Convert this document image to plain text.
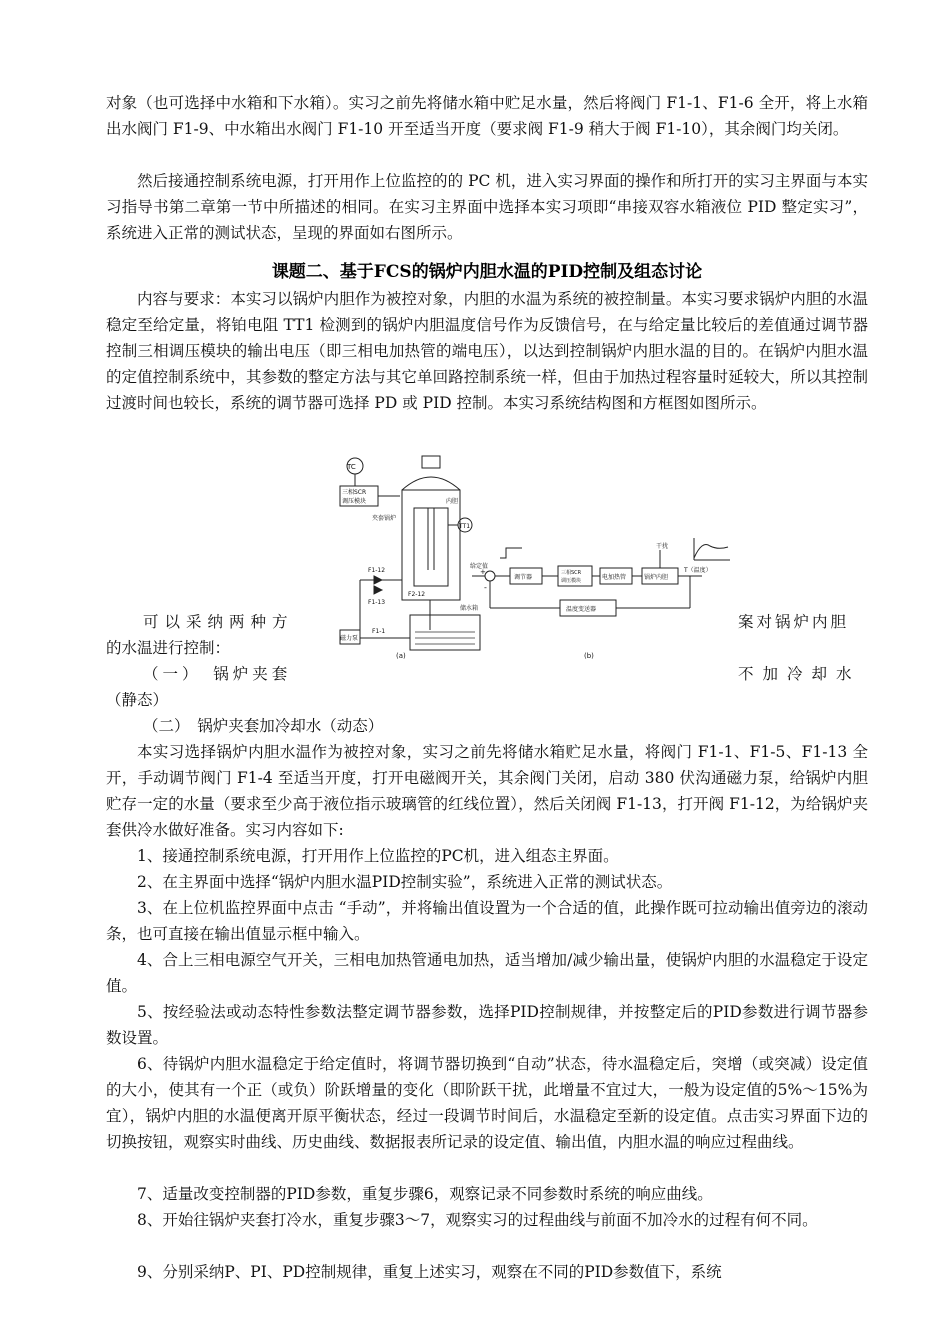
对象（也可选择中水箱和下水箱）。实习之前先将储水箱中贮足水量，然后将阀门 F1-1、F1-6 全开，将上水箱出水阀门 F1-9、中水箱出水阀门 F1-10 开至适当开度（要求阀 F1-9 稍大于阀 F1-10），其余阀门均关闭。

然后接通控制系统电源，打开用作上位监控的的 PC 机，进入实习界面的操作和所打开的实习主界面与本实习指导书第二章第一节中所描述的相同。在实习主界面中选择本实习项即“串接双容水箱液位 PID 整定实习”，系统进入正常的测试状态，呈现的界面如右图所示。

课题二、基于FCS的锅炉内胆水温的PID控制及组态讨论

内容与要求：本实习以锅炉内胆作为被控对象，内胆的水温为系统的被控制量。本实习要求锅炉内胆的水温稳定至给定量，将铂电阻 TT1 检测到的锅炉内胆温度信号作为反馈信号，在与给定量比较后的差值通过调节器控制三相调压模块的输出电压（即三相电加热管的端电压），以达到控制锅炉内胆水温的目的。在锅炉内胆水温的定值控制系统中，其参数的整定方法与其它单回路控制系统一样，但由于加热过程容量时延较大，所以其控制过渡时间也较长，系统的调节器可选择 PD 或 PID 控制。本实习系统结构图和方框图如图所示。

TC
三相SCR
调压模块	内胆
夹套锅炉
TT1
F1-12
F1-13
F2-12
储水箱
磁力泵
F1-1
(a)
给定值
+
-
调节器
三相SCR
调压模块	电加热管	锅炉内胆
干扰
T（温度）
温度变送器
(b)

可以采纳两种方	案对锅炉内胆

的水温进行控制：

（一）　锅炉夹套	不加冷却水

（静态）

（二）　锅炉夹套加冷却水（动态）

本实习选择锅炉内胆水温作为被控对象，实习之前先将储水箱贮足水量，将阀门 F1-1、F1-5、F1-13 全开，手动调节阀门 F1-4 至适当开度，打开电磁阀开关，其余阀门关闭，启动 380 伏沟通磁力泵，给锅炉内胆贮存一定的水量（要求至少高于液位指示玻璃管的红线位置），然后关闭阀 F1-13，打开阀 F1-12，为给锅炉夹套供冷水做好准备。实习内容如下:

1、接通控制系统电源，打开用作上位监控的PC机，进入组态主界面。

2、在主界面中选择“锅炉内胆水温PID控制实验”，系统进入正常的测试状态。

3、在上位机监控界面中点击 “手动”，并将输出值设置为一个合适的值，此操作既可拉动输出值旁边的滚动条，也可直接在输出值显示框中输入。

4、合上三相电源空气开关，三相电加热管通电加热，适当增加/减少输出量，使锅炉内胆的水温稳定于设定值。

5、按经验法或动态特性参数法整定调节器参数，选择PID控制规律，并按整定后的PID参数进行调节器参数设置。

6、待锅炉内胆水温稳定于给定值时，将调节器切换到“自动”状态，待水温稳定后，突增（或突减）设定值的大小，使其有一个正（或负）阶跃增量的变化（即阶跃干扰，此增量不宜过大，一般为设定值的5%～15%为宜），锅炉内胆的水温便离开原平衡状态，经过一段调节时间后，水温稳定至新的设定值。点击实习界面下边的切换按钮，观察实时曲线、历史曲线、数据报表所记录的设定值、输出值，内胆水温的响应过程曲线。

7、适量改变控制器的PID参数，重复步骤6，观察记录不同参数时系统的响应曲线。

8、开始往锅炉夹套打冷水，重复步骤3～7，观察实习的过程曲线与前面不加冷水的过程有何不同。

9、分别采纳P、PI、PD控制规律，重复上述实习，观察在不同的PID参数值下，系统
